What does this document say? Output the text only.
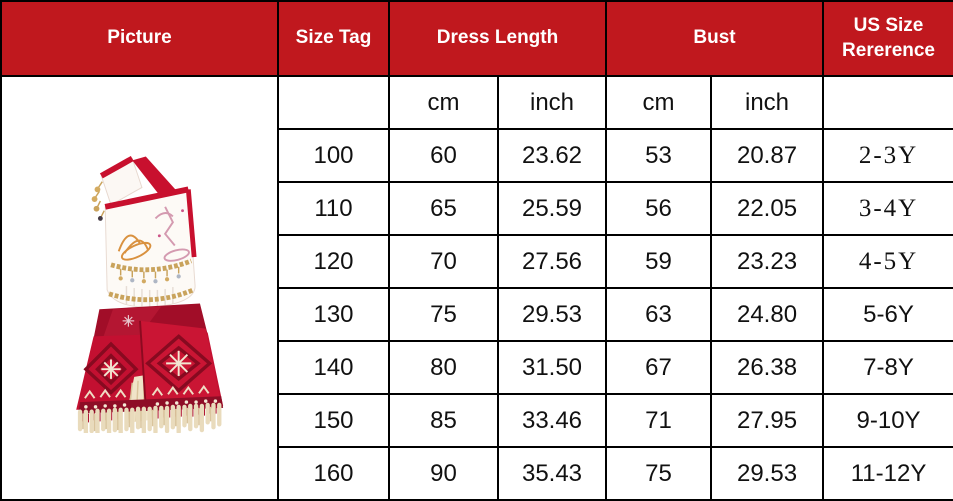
Picture	Size Tag	Dress Length		Bust		US Size Rererence

		cm	inch	cm	inch	
	100	60	23.62	53	20.87	2-3Y
	110	65	25.59	56	22.05	3-4Y
	120	70	27.56	59	23.23	4-5Y
	130	75	29.53	63	24.80	5-6Y
	140	80	31.50	67	26.38	7-8Y
	150	85	33.46	71	27.95	9-10Y
	160	90	35.43	75	29.53	11-12Y
